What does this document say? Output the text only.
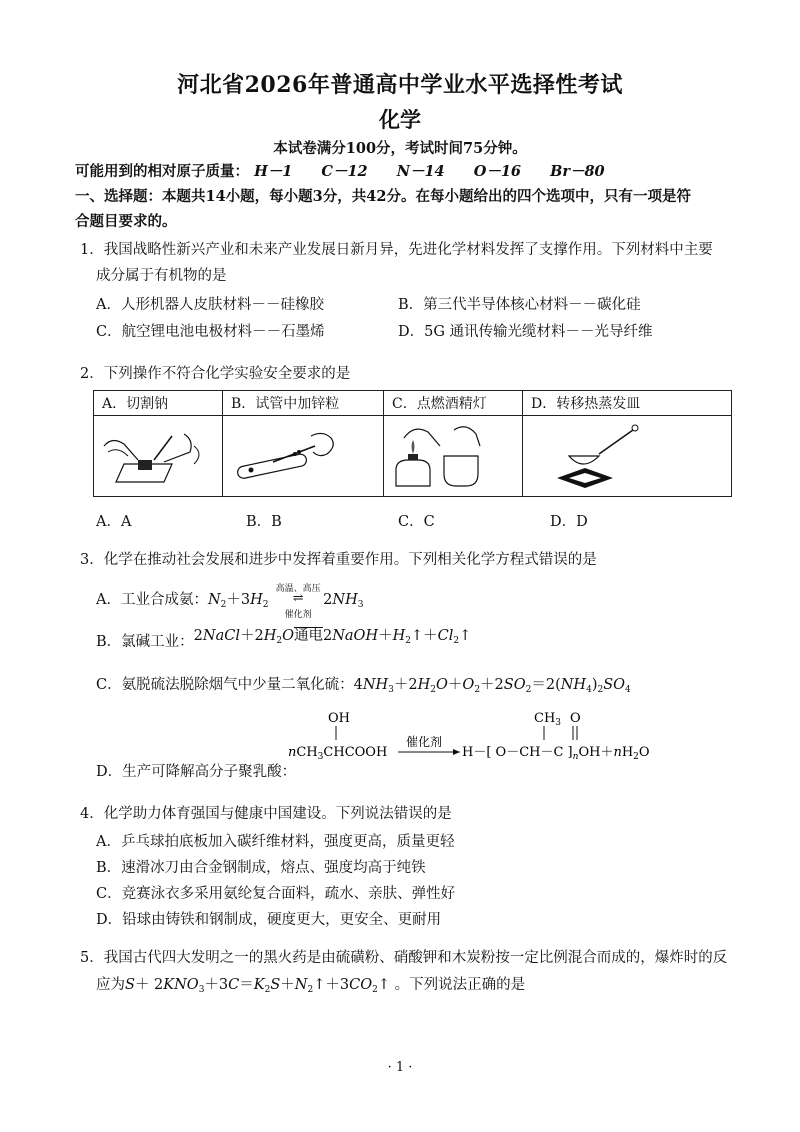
河北省2026年普通高中学业水平选择性考试
化学
本试卷满分100分，考试时间75分钟。
可能用到的相对原子质量： H－1 C－12 N－14 O－16 Br－80
一、选择题：本题共14小题，每小题3分，共42分。在每小题给出的四个选项中，只有一项是符
合题目要求的。
1．我国战略性新兴产业和未来产业发展日新月异，先进化学材料发挥了支撑作用。下列材料中主要
成分属于有机物的是
A．人形机器人皮肤材料－－硅橡胶	B．第三代半导体核心材料－－碳化硅
C．航空锂电池电极材料－－石墨烯	D．5G 通讯传输光缆材料－－光导纤维
2．下列操作不符合化学实验安全要求的是
A．切割钠	B．试管中加锌粒	C．点燃酒精灯	D．转移热蒸发皿

A．A	B．B	C．C	D．D
3．化学在推动社会发展和进步中发挥着重要作用。下列相关化学方程式错误的是
A．工业合成氨：$N_2+3H_2$
高温、高压
⇌
催化剂
$2NH_3$
B．氯碱工业：$2NaCl+2H_2O$通电$2NaOH+H_2↑+Cl_2↑$
C．氨脱硫法脱除烟气中少量二氧化硫：$4NH_3+2H_2O+O_2+2SO_2=2(NH_4)_2SO_4$
D．生产可降解高分子聚乳酸：
OH
nCH$_3$CHCOOH
催化剂
H－[ O－CH－C ]$_nOH+nH_2O$
$CH_3$ O
4．化学助力体育强国与健康中国建设。下列说法错误的是
A．乒乓球拍底板加入碳纤维材料，强度更高，质量更轻
B．速滑冰刀由合金钢制成，熔点、强度均高于纯铁
C．竞赛泳衣多采用氨纶复合面料，疏水、亲肤、弹性好
D．铅球由铸铁和钢制成，硬度更大，更安全、更耐用
5．我国古代四大发明之一的黑火药是由硫磺粉、硝酸钾和木炭粉按一定比例混合而成的，爆炸时的反
应为$S+ 2KNO_3+3C=K_2S+N_2↑+3CO_2↑$ 。下列说法正确的是
· 1 ·
